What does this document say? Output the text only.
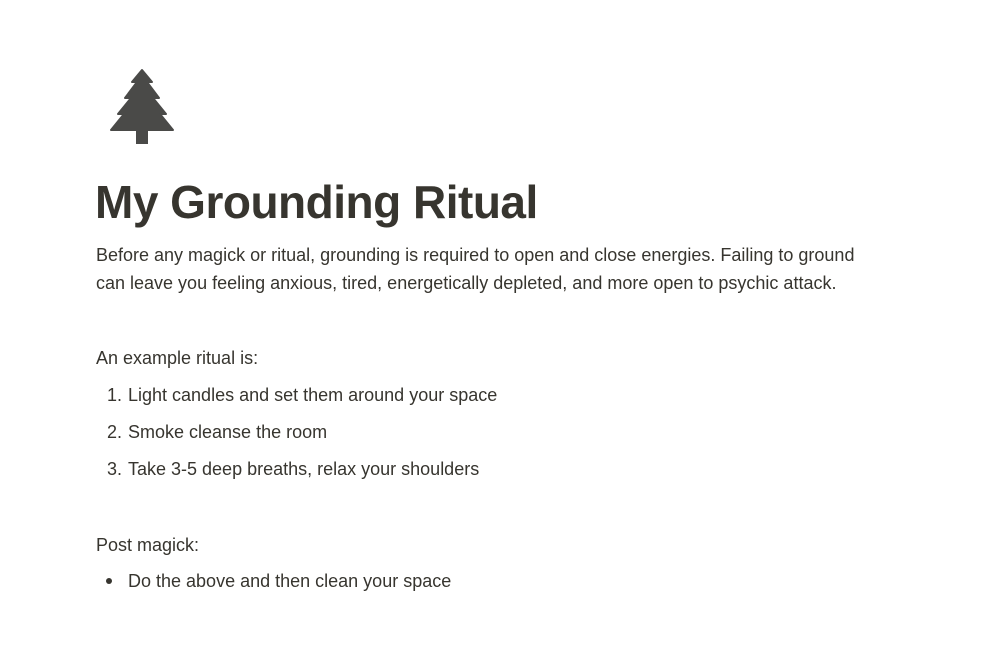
My Grounding Ritual

Before any magick or ritual, grounding is required to open and close energies. Failing to ground
can leave you feeling anxious, tired, energetically depleted, and more open to psychic attack.

An example ritual is:

1. Light candles and set them around your space
2. Smoke cleanse the room
3. Take 3-5 deep breaths, relax your shoulders

Post magick:

Do the above and then clean your space
